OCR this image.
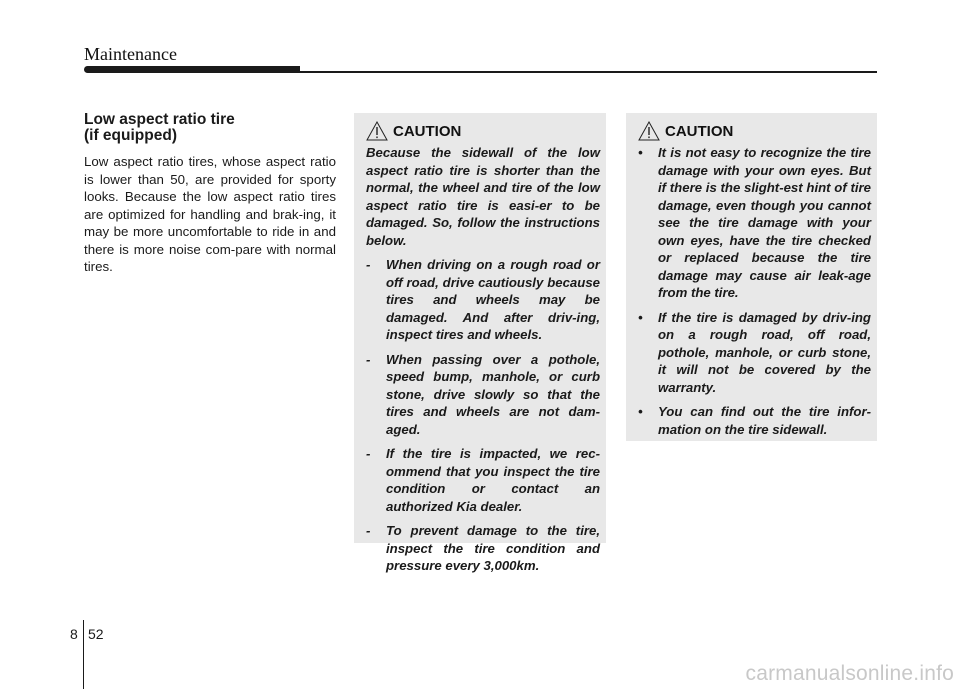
Maintenance
Low aspect ratio tire
(if equipped)

Low aspect ratio tires, whose aspect ratio is lower than 50, are provided for sporty looks. Because the low aspect ratio tires are optimized for handling and brak-ing, it may be more uncomfortable to ride in and there is more noise com-pare with normal tires.

CAUTION

Because the sidewall of the low aspect ratio tire is shorter than the normal, the wheel and tire of the low aspect ratio tire is easi-er to be damaged. So, follow the instructions below.

- When driving on a rough road or off road, drive cautiously because tires and wheels may be damaged. And after driv-ing, inspect tires and wheels.
- When passing over a pothole, speed bump, manhole, or curb stone, drive slowly so that the tires and wheels are not dam-aged.
- If the tire is impacted, we rec-ommend that you inspect the tire condition or contact an authorized Kia dealer.
- To prevent damage to the tire, inspect the tire condition and pressure every 3,000km.
CAUTION
• It is not easy to recognize the tire damage with your own eyes. But if there is the slight-est hint of tire damage, even though you cannot see the tire damage with your own eyes, have the tire checked or replaced because the tire damage may cause air leak-age from the tire.
• If the tire is damaged by driv-ing on a rough road, off road, pothole, manhole, or curb stone, it will not be covered by the warranty.
• You can find out the tire infor-mation on the tire sidewall.
8 52
carmanualsonline.info
